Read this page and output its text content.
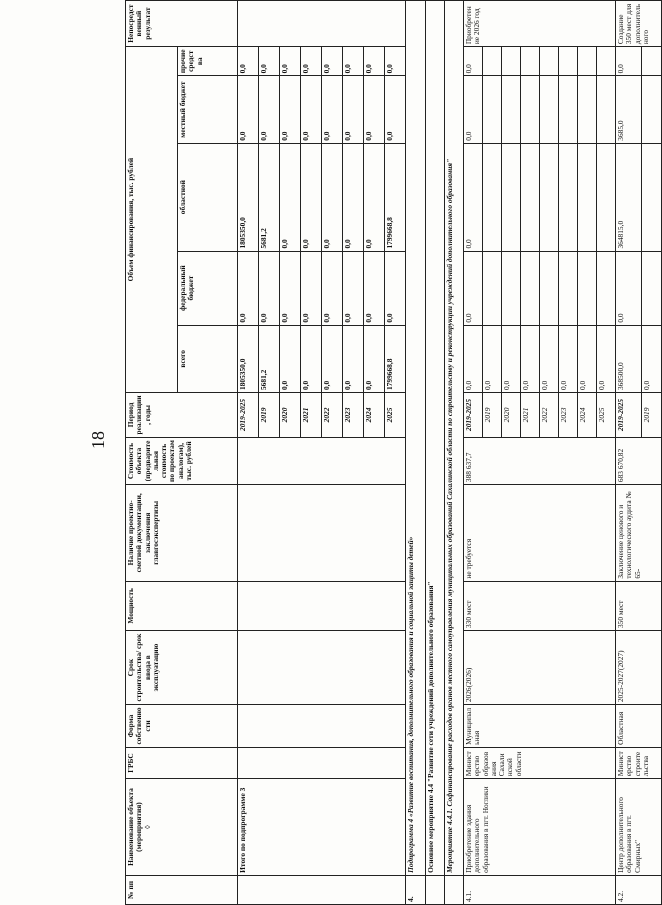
18
№ пп	Наименование объекта (мероприятия)
◊	ГРБС	Форма собственности	Срок строительства/ срок ввода в эксплуатацию	Мощность	Наличие проектно-сметной документации, заключения главгосэкспертизы	Стоимость объекта (предварительная стоимость по проектам аналогам), тыс. рублей	Период реализации, годы	Объем финансирования, тыс. рублей					Непосредственный результат
									всего	федеральный бюджет	областной	местный бюджет	прочие средства	
	Итого по подпрограмме 3							2019-2025	1805350,0	0,0	1805350,0	0,0	0,0	
								2019	5681,2	0,0	5681,2	0,0	0,0	
								2020	0,0	0,0	0,0	0,0	0,0	
								2021	0,0	0,0	0,0	0,0	0,0	
								2022	0,0	0,0	0,0	0,0	0,0	
								2023	0,0	0,0	0,0	0,0	0,0	
								2024	0,0	0,0	0,0	0,0	0,0	
								2025	1799668,8	0,0	1799668,8	0,0	0,0	
4.	Подпрограмма 4 «Развитие воспитания, дополнительного образования и социальной защиты детей»													
	Основное мероприятие 4.4 "Развитие сети учреждений дополнительного образования"													
	Мероприятие 4.4.1. Софинансирование расходов органов местного самоуправления муниципальных образований Сахалинской области по строительству и реконструкции учреждений дополнительного образования"													
4.1.	Приобретение здания дополнительного образования в пгт. Ноглики	Министерство образования Сахалинской области	Муниципальная	2026(2026)	330 мест	не требуется	388 637,7	2019-2025	0,0	0,0	0,0	0,0	0,0	Приобретение 2026 год
								2019	0,0					
								2020	0,0					
								2021	0,0					
								2022	0,0					
								2023	0,0					
								2024	0,0					
								2025	0,0					
4.2.	Центр дополнительного образования в пгт. Смирных"	Министерство строительства	Областная	2025-2027(2027)	350 мест	Заключение ценового и технологического аудита № 65-	683 670,82	2019-2025	368500,0	0,0	364815,0	3685,0	0,0	Создание 350 мест для дополнительного
								2019	0,0					
